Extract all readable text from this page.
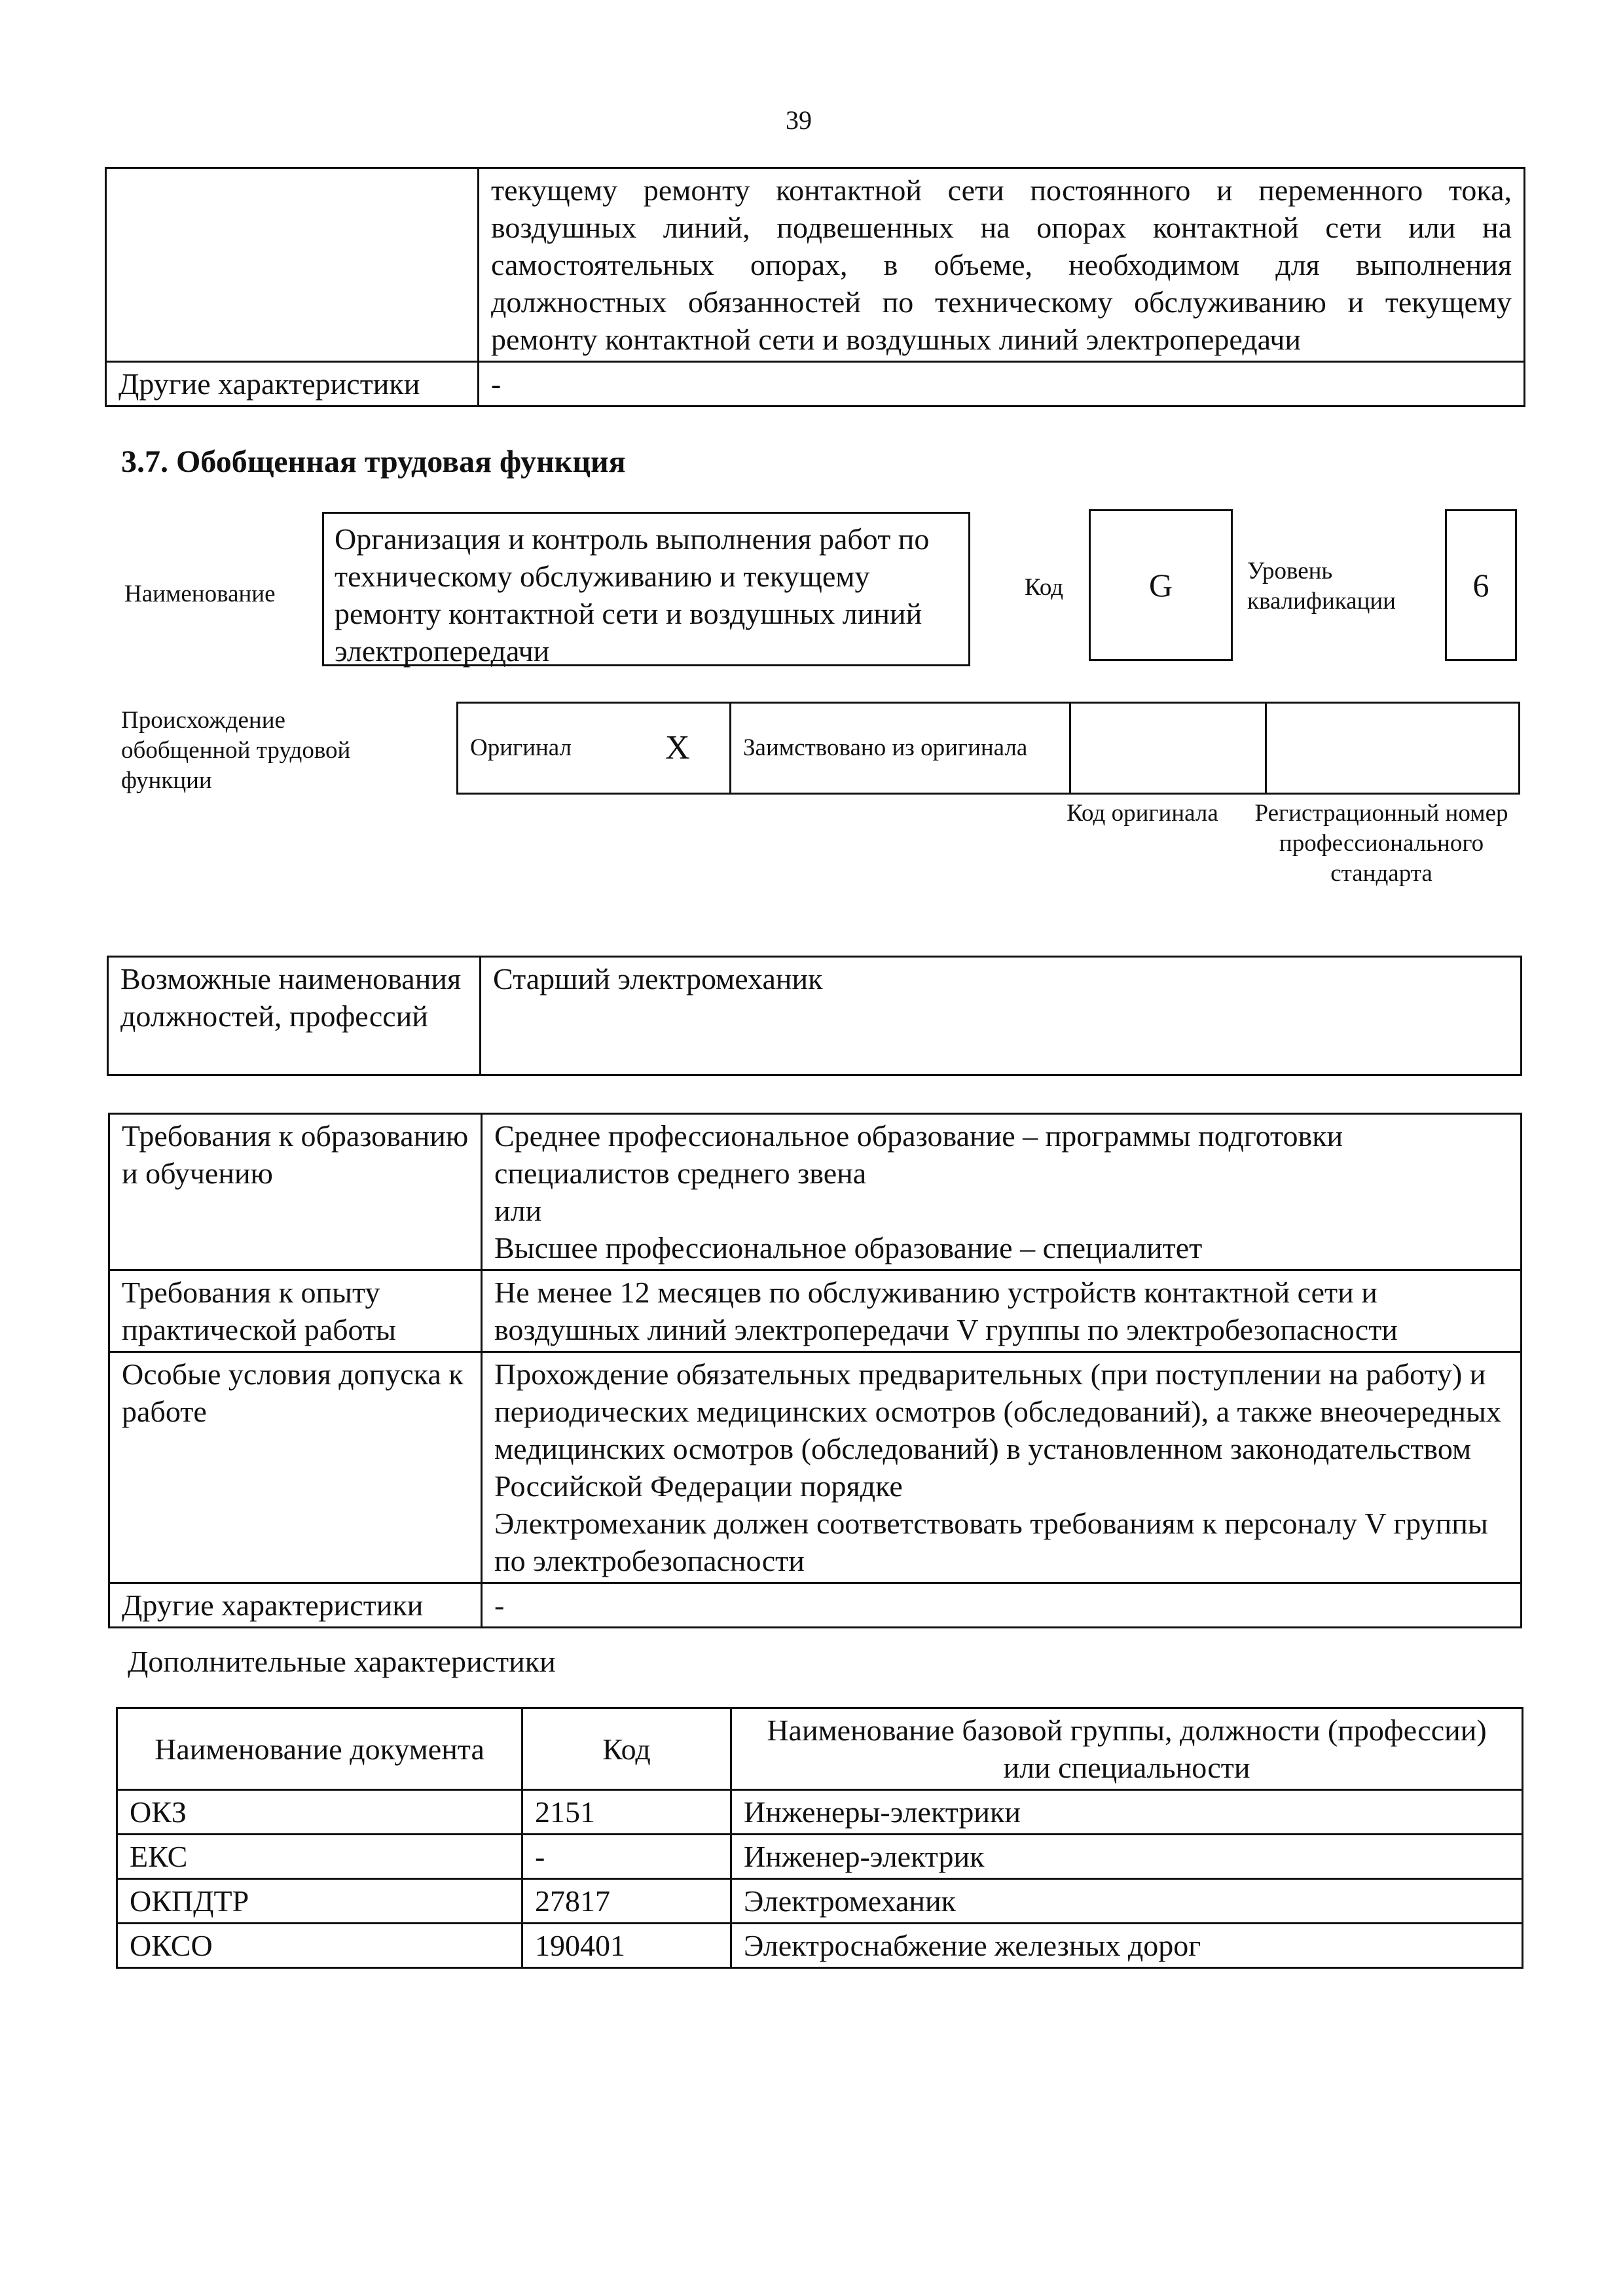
39
	текущему ремонту контактной сети постоянного и переменного тока, воздушных линий, подвешенных на опорах контактной сети или на самостоятельных опорах, в объеме, необходимом для выполнения должностных обязанностей по техническому обслуживанию и текущему ремонту контактной сети и воздушных линий электропередачи
Другие характеристики	-
3.7. Обобщенная трудовая функция
Наименование
Организация и контроль выполнения работ по техническому обслуживанию и текущему ремонту контактной сети и воздушных линий электропередачи
Код	G	Уровень квалификации	6
Происхождение обобщенной трудовой функции
Оригинал	X	Заимствовано из оригинала		
Код оригинала	Регистрационный номер профессионального стандарта
Возможные наименования должностей, профессий	Старший электромеханик
Требования к образованию и обучению	Среднее профессиональное образование – программы подготовки специалистов среднего звена

или

Высшее профессиональное образование – специалитет

Требования к опыту практической работы	Не менее 12 месяцев по обслуживанию устройств контактной сети и воздушных линий электропередачи V группы по электробезопасности

Особые условия допуска к работе	Прохождение обязательных предварительных (при поступлении на работу) и периодических медицинских осмотров (обследований), а также внеочередных медицинских осмотров (обследований) в установленном законодательством Российской Федерации порядке

Электромеханик должен соответствовать требованиям к персоналу V группы по электробезопасности

Другие характеристики	-

Дополнительные характеристики
Наименование документа	Код	Наименование базовой группы, должности (профессии) или специальности
ОКЗ	2151	Инженеры-электрики
ЕКС	-	Инженер-электрик
ОКПДТР	27817	Электромеханик
ОКСО	190401	Электроснабжение железных дорог
